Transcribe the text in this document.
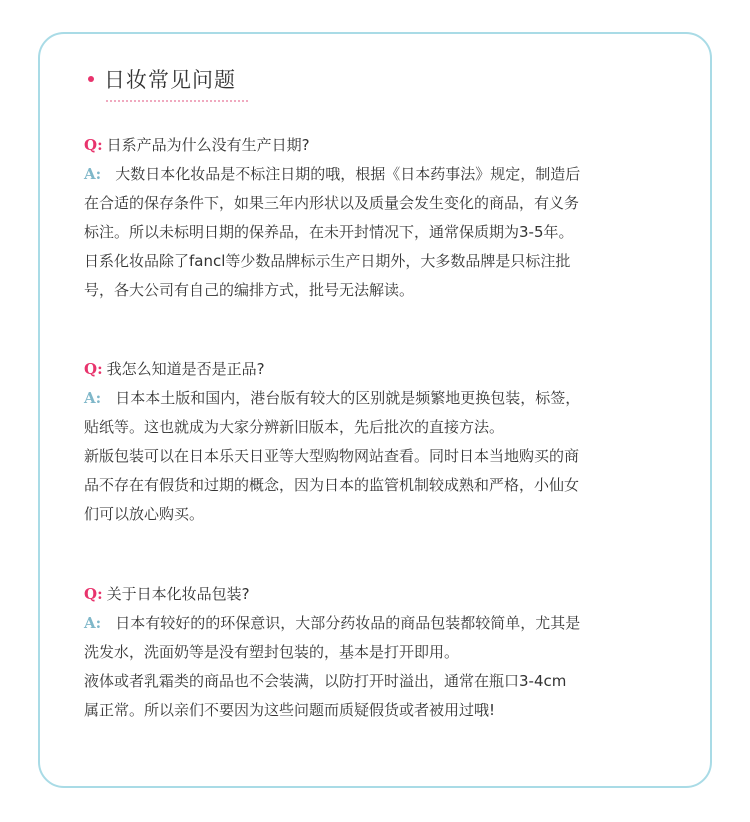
日妆常见问题

Q: 日系产品为什么没有生产日期?

A: 大数日本化妆品是不标注日期的哦，根据《日本药事法》规定，制造后

在合适的保存条件下，如果三年内形状以及质量会发生变化的商品，有义务

标注。所以未标明日期的保养品，在未开封情况下，通常保质期为3-5年。

日系化妆品除了fancl等少数品牌标示生产日期外，大多数品牌是只标注批

号，各大公司有自己的编排方式，批号无法解读。

Q: 我怎么知道是否是正品?

A: 日本本土版和国内，港台版有较大的区别就是频繁地更换包装，标签，

贴纸等。这也就成为大家分辨新旧版本，先后批次的直接方法。

新版包装可以在日本乐天日亚等大型购物网站查看。同时日本当地购买的商

品不存在有假货和过期的概念，因为日本的监管机制较成熟和严格，小仙女

们可以放心购买。

Q: 关于日本化妆品包装?

A: 日本有较好的的环保意识，大部分药妆品的商品包装都较简单，尤其是

洗发水，洗面奶等是没有塑封包装的，基本是打开即用。

液体或者乳霜类的商品也不会装满，以防打开时溢出，通常在瓶口3-4cm

属正常。所以亲们不要因为这些问题而质疑假货或者被用过哦!
